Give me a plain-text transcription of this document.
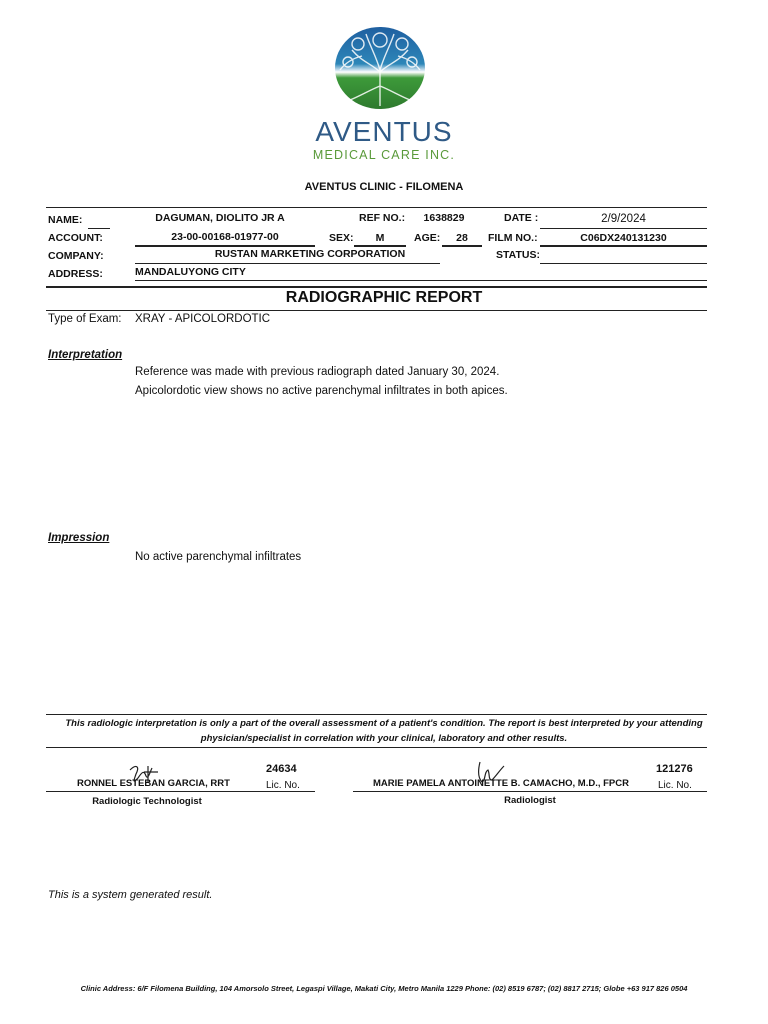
AVENTUS
MEDICAL CARE INC.
AVENTUS CLINIC - FILOMENA
NAME:	DAGUMAN, DIOLITO JR A	REF NO.:	1638829	DATE :	2/9/2024
ACCOUNT:	23-00-00168-01977-00	SEX:	M	AGE:	28	FILM NO.:	C06DX240131230
COMPANY:	RUSTAN MARKETING CORPORATION	STATUS:
ADDRESS:	MANDALUYONG CITY
RADIOGRAPHIC REPORT
Type of Exam: XRAY - APICOLORDOTIC
Interpretation
Reference was made with previous radiograph dated January 30, 2024.
Apicolordotic view shows no active parenchymal infiltrates in both apices.
Impression
No active parenchymal infiltrates
This radiologic interpretation is only a part of the overall assessment of a patient's condition. The report is best interpreted by your attending
physician/specialist in correlation with your clinical, laboratory and other results.
RONNEL ESTEBAN GARCIA, RRT
24634
Lic. No.
Radiologic Technologist
MARIE PAMELA ANTOINETTE B. CAMACHO, M.D., FPCR
121276
Lic. No.
Radiologist
This is a system generated result.
Clinic Address: 6/F Filomena Building, 104 Amorsolo Street, Legaspi Village, Makati City, Metro Manila 1229 Phone: (02) 8519 6787; (02) 8817 2715; Globe +63 917 826 0504
